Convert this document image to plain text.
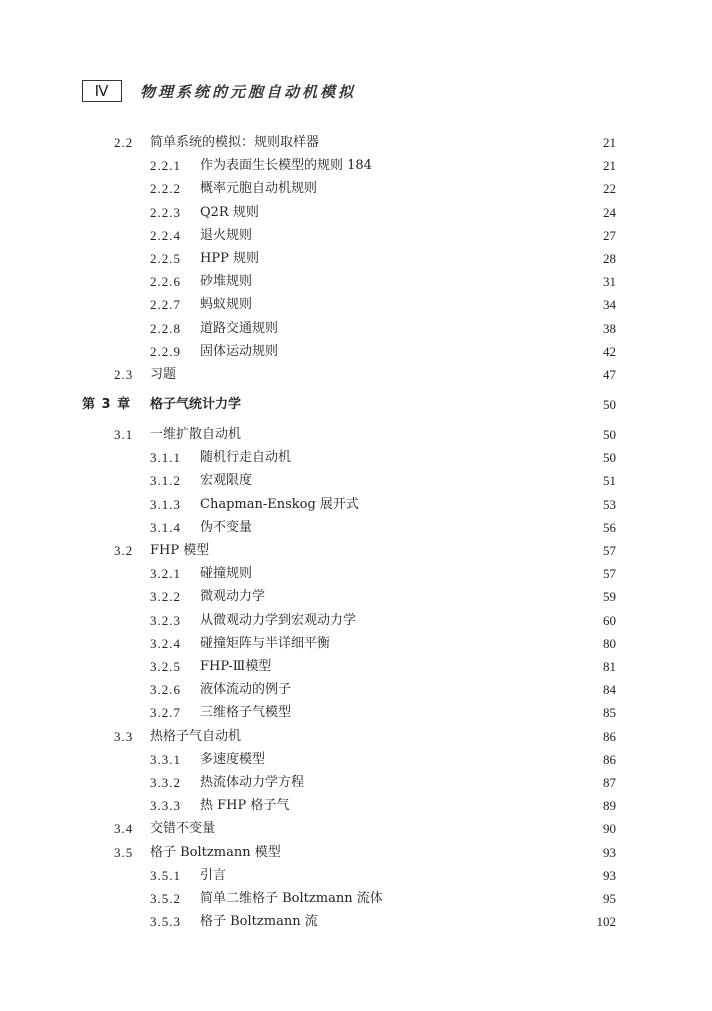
Ⅳ	物理系统的元胞自动机模拟
2.2	简单系统的模拟：规则取样器	21
2.2.1	作为表面生长模型的规则 184	21
2.2.2	概率元胞自动机规则	22
2.2.3	Q2R 规则	24
2.2.4	退火规则	27
2.2.5	HPP 规则	28
2.2.6	砂堆规则	31
2.2.7	蚂蚁规则	34
2.2.8	道路交通规则	38
2.2.9	固体运动规则	42
2.3	习题	47
第 3 章	格子气统计力学	50
3.1	一维扩散自动机	50
3.1.1	随机行走自动机	50
3.1.2	宏观限度	51
3.1.3	Chapman-Enskog 展开式	53
3.1.4	伪不变量	56
3.2	FHP 模型	57
3.2.1	碰撞规则	57
3.2.2	微观动力学	59
3.2.3	从微观动力学到宏观动力学	60
3.2.4	碰撞矩阵与半详细平衡	80
3.2.5	FHP-Ⅲ模型	81
3.2.6	液体流动的例子	84
3.2.7	三维格子气模型	85
3.3	热格子气自动机	86
3.3.1	多速度模型	86
3.3.2	热流体动力学方程	87
3.3.3	热 FHP 格子气	89
3.4	交错不变量	90
3.5	格子 Boltzmann 模型	93
3.5.1	引言	93
3.5.2	简单二维格子 Boltzmann 流体	95
3.5.3	格子 Boltzmann 流	102
